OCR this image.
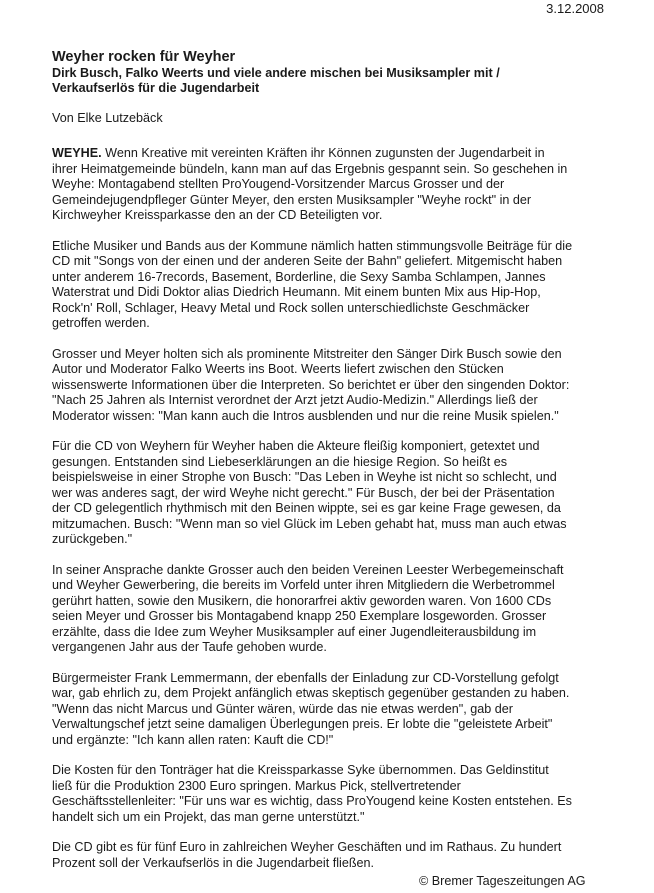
3.12.2008
Weyher rocken für Weyher
Dirk Busch, Falko Weerts und viele andere mischen bei Musiksampler mit /
Verkaufserlös für die Jugendarbeit

Von Elke Lutzebäck

WEYHE. Wenn Kreative mit vereinten Kräften ihr Können zugunsten der Jugendarbeit in
ihrer Heimatgemeinde bündeln, kann man auf das Ergebnis gespannt sein. So geschehen in
Weyhe: Montagabend stellten ProYougend-Vorsitzender Marcus Grosser und der
Gemeindejugendpfleger Günter Meyer, den ersten Musiksampler "Weyhe rockt" in der
Kirchweyher Kreissparkasse den an der CD Beteiligten vor.

Etliche Musiker und Bands aus der Kommune nämlich hatten stimmungsvolle Beiträge für die
CD mit "Songs von der einen und der anderen Seite der Bahn" geliefert. Mitgemischt haben
unter anderem 16-7records, Basement, Borderline, die Sexy Samba Schlampen, Jannes
Waterstrat und Didi Doktor alias Diedrich Heumann. Mit einem bunten Mix aus Hip-Hop,
Rock'n' Roll, Schlager, Heavy Metal und Rock sollen unterschiedlichste Geschmäcker
getroffen werden.

Grosser und Meyer holten sich als prominente Mitstreiter den Sänger Dirk Busch sowie den
Autor und Moderator Falko Weerts ins Boot. Weerts liefert zwischen den Stücken
wissenswerte Informationen über die Interpreten. So berichtet er über den singenden Doktor:
"Nach 25 Jahren als Internist verordnet der Arzt jetzt Audio-Medizin." Allerdings ließ der
Moderator wissen: "Man kann auch die Intros ausblenden und nur die reine Musik spielen."

Für die CD von Weyhern für Weyher haben die Akteure fleißig komponiert, getextet und
gesungen. Entstanden sind Liebeserklärungen an die hiesige Region. So heißt es
beispielsweise in einer Strophe von Busch: "Das Leben in Weyhe ist nicht so schlecht, und
wer was anderes sagt, der wird Weyhe nicht gerecht." Für Busch, der bei der Präsentation
der CD gelegentlich rhythmisch mit den Beinen wippte, sei es gar keine Frage gewesen, da
mitzumachen. Busch: "Wenn man so viel Glück im Leben gehabt hat, muss man auch etwas
zurückgeben."

In seiner Ansprache dankte Grosser auch den beiden Vereinen Leester Werbegemeinschaft
und Weyher Gewerbering, die bereits im Vorfeld unter ihren Mitgliedern die Werbetrommel
gerührt hatten, sowie den Musikern, die honorarfrei aktiv geworden waren. Von 1600 CDs
seien Meyer und Grosser bis Montagabend knapp 250 Exemplare losgeworden. Grosser
erzählte, dass die Idee zum Weyher Musiksampler auf einer Jugendleiterausbildung im
vergangenen Jahr aus der Taufe gehoben wurde.

Bürgermeister Frank Lemmermann, der ebenfalls der Einladung zur CD-Vorstellung gefolgt
war, gab ehrlich zu, dem Projekt anfänglich etwas skeptisch gegenüber gestanden zu haben.
"Wenn das nicht Marcus und Günter wären, würde das nie etwas werden", gab der
Verwaltungschef jetzt seine damaligen Überlegungen preis. Er lobte die "geleistete Arbeit"
und ergänzte: "Ich kann allen raten: Kauft die CD!"

Die Kosten für den Tonträger hat die Kreissparkasse Syke übernommen. Das Geldinstitut
ließ für die Produktion 2300 Euro springen. Markus Pick, stellvertretender
Geschäftsstellenleiter: "Für uns war es wichtig, dass ProYougend keine Kosten entstehen. Es
handelt sich um ein Projekt, das man gerne unterstützt."

Die CD gibt es für fünf Euro in zahlreichen Weyher Geschäften und im Rathaus. Zu hundert
Prozent soll der Verkaufserlös in die Jugendarbeit fließen.

© Bremer Tageszeitungen AG
